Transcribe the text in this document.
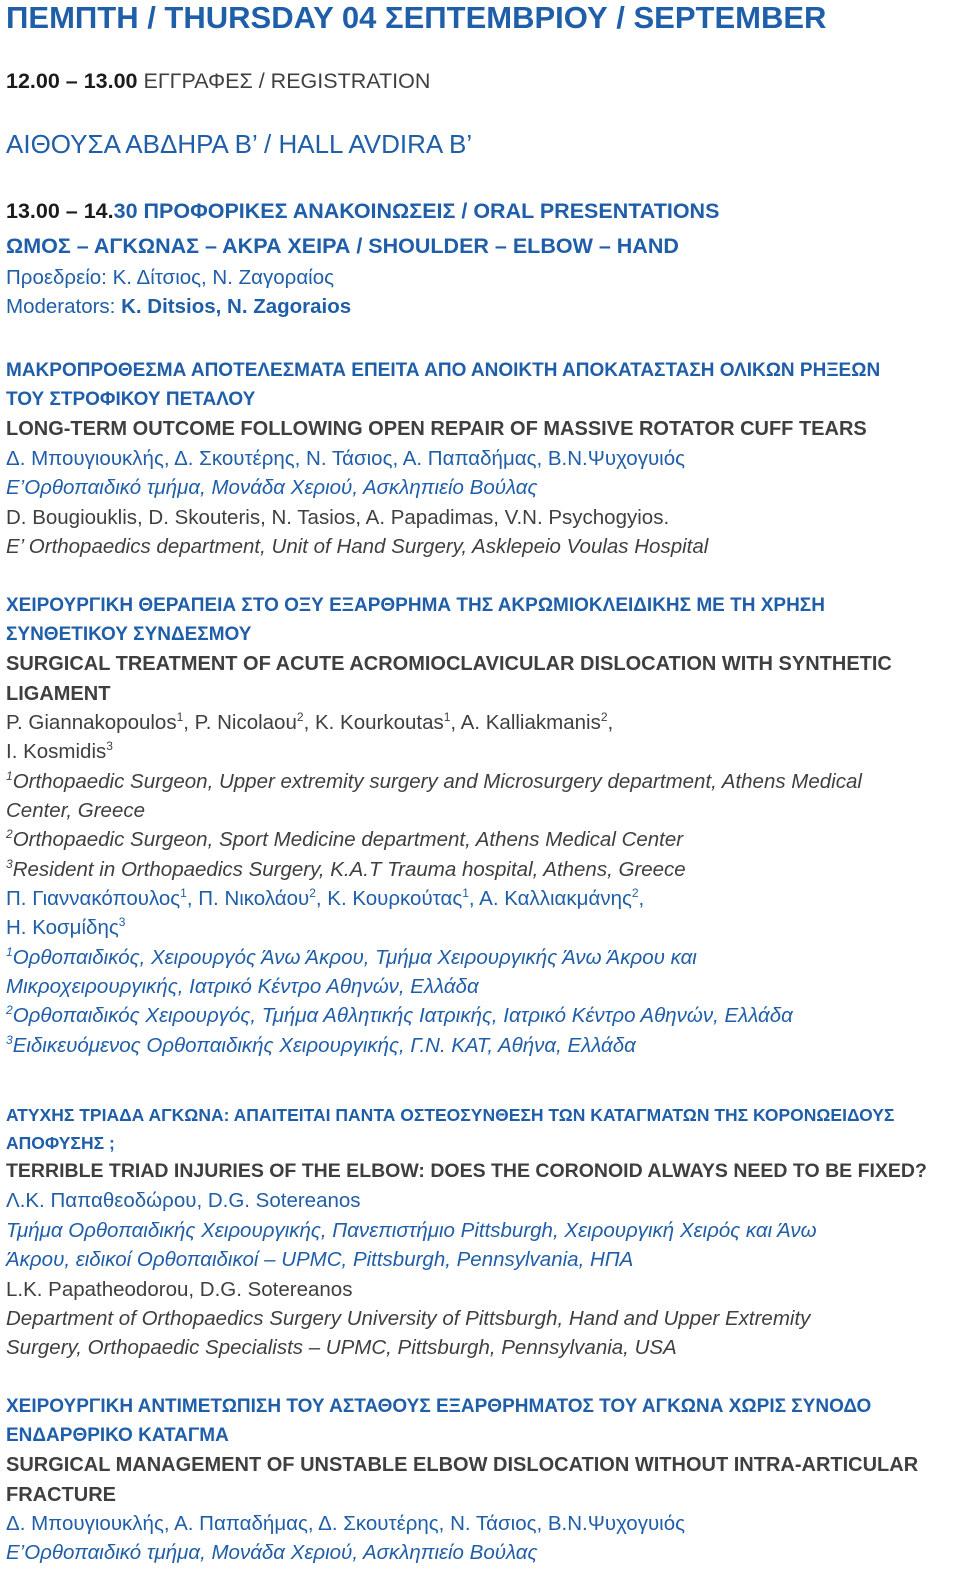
ΠΕΜΠΤΗ / THURSDAY 04 ΣΕΠΤΕΜΒΡΙΟΥ / SEPTEMBER
12.00 – 13.00 ΕΓΓΡΑΦΕΣ / REGISTRATION
ΑΙΘΟΥΣΑ ΑΒΔΗΡΑ Β’ / HALL AVDIRA Β’
13.00 – 14.30 ΠΡΟΦΟΡΙΚΕΣ ΑΝΑΚΟΙΝΩΣΕΙΣ / ORAL PRESENTATIONS
ΩΜΟΣ – ΑΓΚΩΝΑΣ – ΑΚΡΑ ΧΕΙΡΑ / SHOULDER – ELBOW – HAND
Προεδρείο: Κ. Δίτσιος, Ν. Ζαγοραίος
Moderators: K. Ditsios, N. Zagoraios
ΜΑΚΡΟΠΡΟΘΕΣΜΑ ΑΠΟΤΕΛΕΣΜΑΤΑ ΕΠΕΙΤΑ ΑΠΟ ΑΝΟΙΚΤΗ ΑΠΟΚΑΤΑΣΤΑΣΗ ΟΛΙΚΩΝ ΡΗΞΕΩΝ
ΤΟΥ ΣΤΡΟΦΙΚΟΥ ΠΕΤΑΛΟΥ
LONG-TERM OUTCOME FOLLOWING OPEN REPAIR OF MASSIVE ROTATOR CUFF TEARS
Δ. Μπουγιουκλής, Δ. Σκουτέρης, Ν. Τάσιος, Α. Παπαδήμας, Β.Ν.Ψυχογυιός
Ε’Ορθοπαιδικό τμήμα, Μονάδα Χεριού, Ασκληπιείο Βούλας
D. Bougiouklis, D. Skouteris, N. Tasios, A. Papadimas, V.N. Psychogyios.
E’ Orthopaedics department, Unit of Hand Surgery, Asklepeio Voulas Hospital
ΧΕΙΡΟΥΡΓΙΚΗ ΘΕΡΑΠΕΙΑ ΣΤΟ ΟΞΥ ΕΞΑΡΘΡΗΜΑ ΤΗΣ ΑΚΡΩΜΙΟΚΛΕΙΔΙΚΗΣ ΜΕ ΤΗ ΧΡΗΣΗ
ΣΥΝΘΕΤΙΚΟΥ ΣΥΝΔΕΣΜΟΥ
SURGICAL TREATMENT OF ACUTE ACROMIOCLAVICULAR DISLOCATION WITH SYNTHETIC
LIGAMENT
P. Giannakopoulos$^1$, P. Nicolaou$^2$, K. Kourkoutas$^1$, A. Kalliakmanis$^2$,
I. Kosmidis$^3$
$^1$Orthopaedic Surgeon, Upper extremity surgery and Microsurgery department, Athens Medical
Center, Greece
$^2$Orthopaedic Surgeon, Sport Medicine department, Athens Medical Center
$^3$Resident in Orthopaedics Surgery, K.A.T Trauma hospital, Athens, Greece
Π. Γιαννακόπουλος$^1$, Π. Νικολάου$^2$, Κ. Κουρκούτας$^1$, Α. Καλλιακμάνης$^2$,
Η. Κοσμίδης$^3$
$^1$Ορθοπαιδικός, Χειρουργός Άνω Άκρου, Τμήμα Χειρουργικής Άνω Άκρου και
Μικροχειρουργικής, Ιατρικό Κέντρο Αθηνών, Ελλάδα
$^2$Ορθοπαιδικός Χειρουργός, Τμήμα Αθλητικής Ιατρικής, Ιατρικό Κέντρο Αθηνών, Ελλάδα
$^3$Ειδικευόμενος Ορθοπαιδικής Χειρουργικής, Γ.Ν. ΚΑΤ, Αθήνα, Ελλάδα
ΑΤΥΧΗΣ ΤΡΙΑΔΑ ΑΓΚΩΝΑ: ΑΠΑΙΤΕΙΤΑΙ ΠΑΝΤΑ ΟΣΤΕΟΣΥΝΘΕΣΗ ΤΩΝ ΚΑΤΑΓΜΑΤΩΝ ΤΗΣ ΚΟΡΟΝΩΕΙΔΟΥΣ
ΑΠΟΦΥΣΗΣ ;
TERRIBLE TRIAD INJURIES OF THE ELBOW: DOES THE CORONOID ALWAYS NEED TO BE FIXED?
Λ.Κ. Παπαθεοδώρου, D.G. Sotereanos
Τμήμα Ορθοπαιδικής Χειρουργικής, Πανεπιστήμιο Pittsburgh, Χειρουργική Χειρός και Άνω
Άκρου, ειδικοί Ορθοπαιδικοί – UPMC, Pittsburgh, Pennsylvania, ΗΠΑ
L.K. Papatheodorou, D.G. Sotereanos
Department of Orthopaedics Surgery University of Pittsburgh, Hand and Upper Extremity
Surgery, Orthopaedic Specialists – UPMC, Pittsburgh, Pennsylvania, USA
ΧΕΙΡΟΥΡΓΙΚΗ ΑΝΤΙΜΕΤΩΠΙΣΗ ΤΟΥ ΑΣΤΑΘΟΥΣ ΕΞΑΡΘΡΗΜΑΤΟΣ ΤΟΥ ΑΓΚΩΝΑ ΧΩΡΙΣ ΣΥΝΟΔΟ
ΕΝΔΑΡΘΡΙΚΟ ΚΑΤΑΓΜΑ
SURGICAL MANAGEMENT OF UNSTABLE ELBOW DISLOCATION WITHOUT INTRA-ARTICULAR
FRACTURE
Δ. Μπουγιουκλής, Α. Παπαδήμας, Δ. Σκουτέρης, Ν. Τάσιος, Β.Ν.Ψυχογυιός
Ε’Ορθοπαιδικό τμήμα, Μονάδα Χεριού, Ασκληπιείο Βούλας
